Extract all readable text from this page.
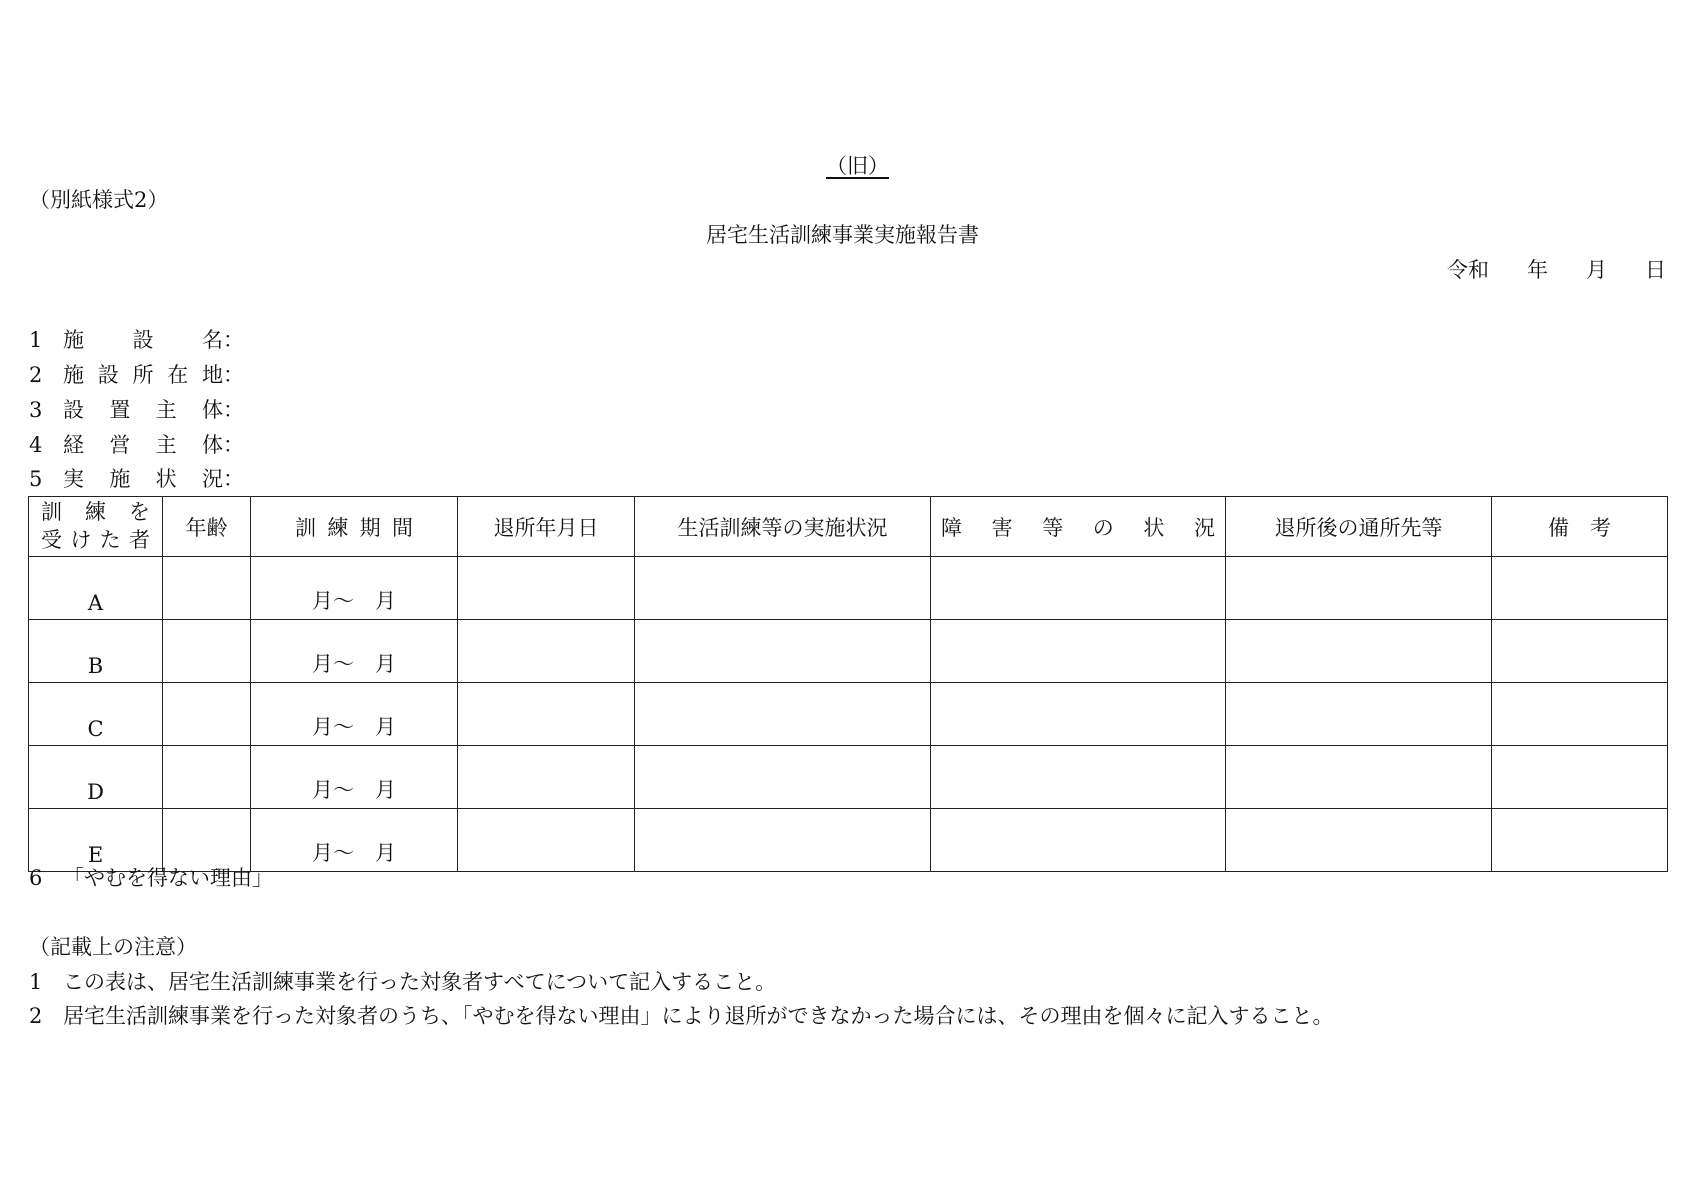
（旧）
（別紙様式2）
居宅生活訓練事業実施報告書
令和 年 月 日
1 施設名：
2 施設所在地：
3 設置主体：
4 経営主体：
5 実施状況：
訓 練 を
受 け た 者	年齢	訓練期間	退所年月日	生活訓練等の実施状況	障害等の状況	退所後の通所先等	備考

A		月～　月					
B		月～　月					
C		月～　月					
D		月～　月					
E		月～　月					
6 「やむを得ない理由」
（記載上の注意）
1 この表は、居宅生活訓練事業を行った対象者すべてについて記入すること。
2 居宅生活訓練事業を行った対象者のうち、「やむを得ない理由」により退所ができなかった場合には、その理由を個々に記入すること。
